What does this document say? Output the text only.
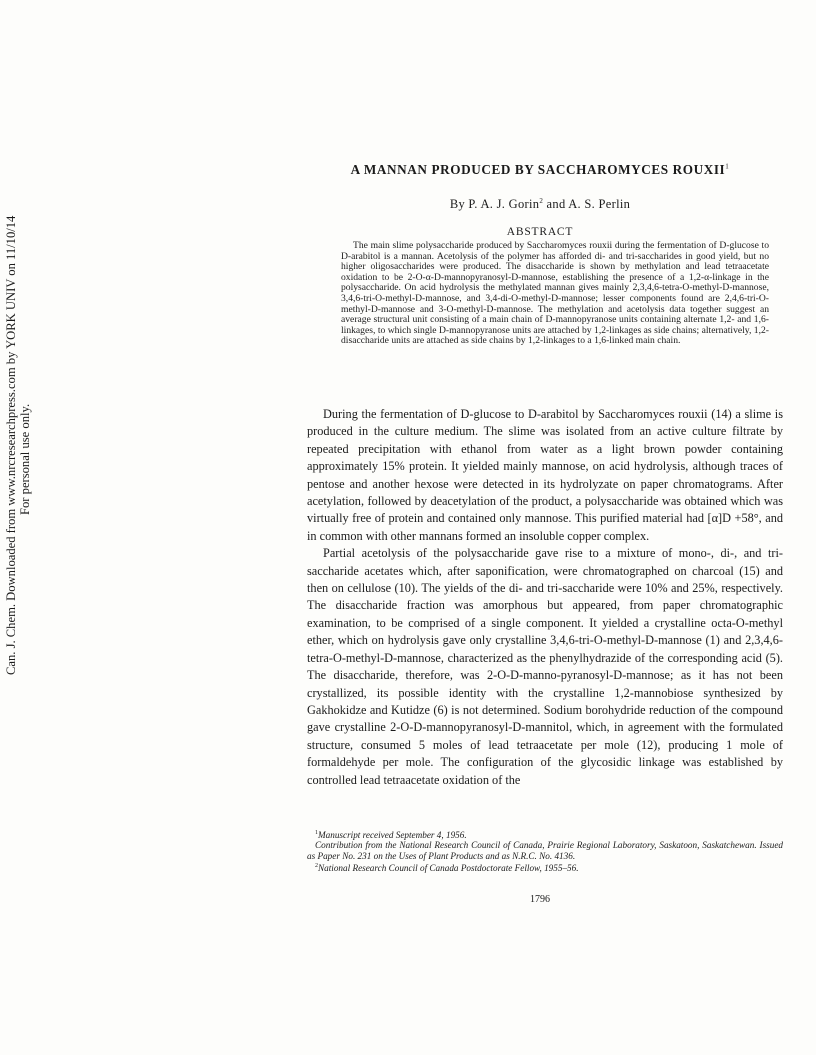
Can. J. Chem. Downloaded from www.nrcresearchpress.com by YORK UNIV on 11/10/14 For personal use only.
A MANNAN PRODUCED BY SACCHAROMYCES ROUXII$^1$
By P. A. J. Gorin$^2$ and A. S. Perlin
ABSTRACT

The main slime polysaccharide produced by Saccharomyces rouxii during the fermentation of D-glucose to D-arabitol is a mannan. Acetolysis of the polymer has afforded di- and tri-saccharides in good yield, but no higher oligosaccharides were produced. The disaccharide is shown by methylation and lead tetraacetate oxidation to be 2-O-α-D-mannopyranosyl-D-mannose, establishing the presence of a 1,2-α-linkage in the polysaccharide. On acid hydrolysis the methylated mannan gives mainly 2,3,4,6-tetra-O-methyl-D-mannose, 3,4,6-tri-O-methyl-D-mannose, and 3,4-di-O-methyl-D-mannose; lesser components found are 2,4,6-tri-O-methyl-D-mannose and 3-O-methyl-D-mannose. The methylation and acetolysis data together suggest an average structural unit consisting of a main chain of D-mannopyranose units containing alternate 1,2- and 1,6-linkages, to which single D-mannopyranose units are attached by 1,2-linkages as side chains; alternatively, 1,2-disaccharide units are attached as side chains by 1,2-linkages to a 1,6-linked main chain.

During the fermentation of D-glucose to D-arabitol by Saccharomyces rouxii (14) a slime is produced in the culture medium. The slime was isolated from an active culture filtrate by repeated precipitation with ethanol from water as a light brown powder containing approximately 15% protein. It yielded mainly mannose, on acid hydrolysis, although traces of pentose and another hexose were detected in its hydrolyzate on paper chromatograms. After acetylation, followed by deacetylation of the product, a polysaccharide was obtained which was virtually free of protein and contained only mannose. This purified material had [α]D +58°, and in common with other mannans formed an insoluble copper complex.

Partial acetolysis of the polysaccharide gave rise to a mixture of mono-, di-, and tri-saccharide acetates which, after saponification, were chromatographed on charcoal (15) and then on cellulose (10). The yields of the di- and tri-saccharide were 10% and 25%, respectively. The disaccharide fraction was amorphous but appeared, from paper chromatographic examination, to be comprised of a single component. It yielded a crystalline octa-O-methyl ether, which on hydrolysis gave only crystalline 3,4,6-tri-O-methyl-D-mannose (1) and 2,3,4,6-tetra-O-methyl-D-mannose, characterized as the phenylhydrazide of the corresponding acid (5). The disaccharide, therefore, was 2-O-D-manno-pyranosyl-D-mannose; as it has not been crystallized, its possible identity with the crystalline 1,2-mannobiose synthesized by Gakhokidze and Kutidze (6) is not determined. Sodium borohydride reduction of the compound gave crystalline 2-O-D-mannopyranosyl-D-mannitol, which, in agreement with the formulated structure, consumed 5 moles of lead tetraacetate per mole (12), producing 1 mole of formaldehyde per mole. The configuration of the glycosidic linkage was established by controlled lead tetraacetate oxidation of the

$^1$Manuscript received September 4, 1956.

Contribution from the National Research Council of Canada, Prairie Regional Laboratory, Saskatoon, Saskatchewan. Issued as Paper No. 231 on the Uses of Plant Products and as N.R.C. No. 4136.

$^2$National Research Council of Canada Postdoctorate Fellow, 1955–56.

1796
